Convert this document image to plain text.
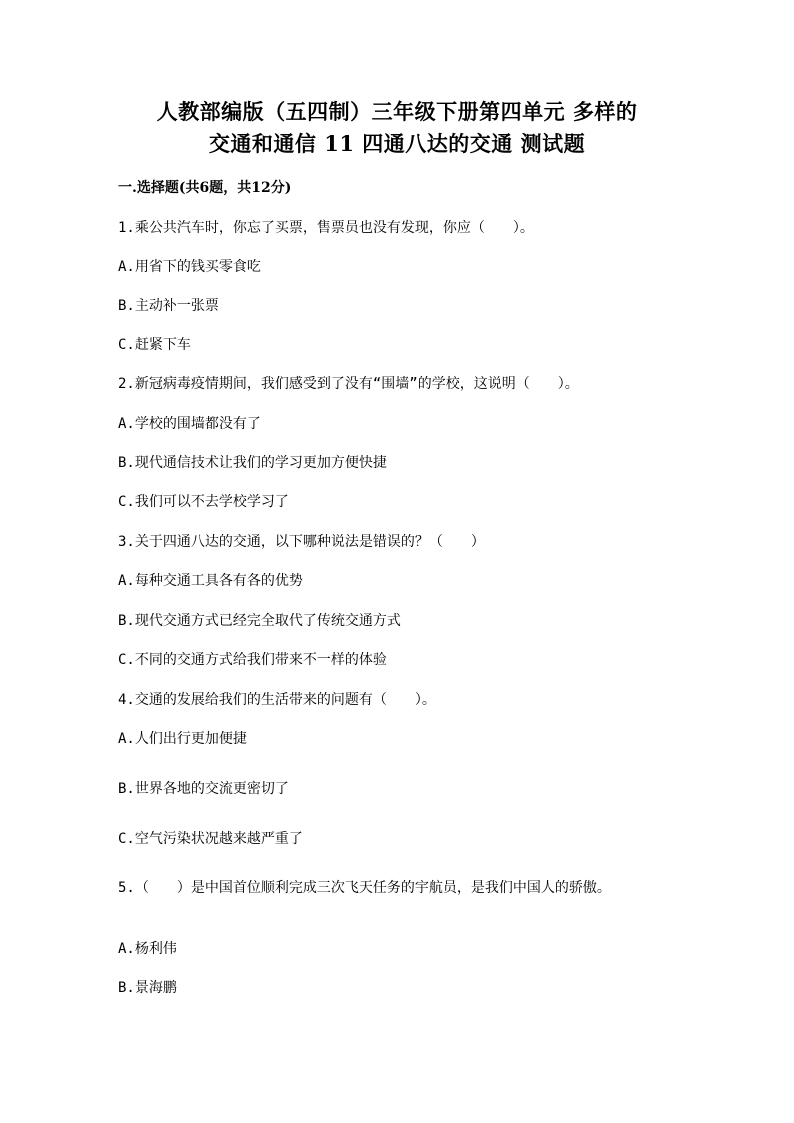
人教部编版（五四制）三年级下册第四单元 多样的
交通和通信 11 四通八达的交通 测试题
一.选择题(共6题，共12分)
1.乘公共汽车时，你忘了买票，售票员也没有发现，你应（　　）。
A.用省下的钱买零食吃
B.主动补一张票
C.赶紧下车
2.新冠病毒疫情期间，我们感受到了没有“围墙”的学校，这说明（　　）。
A.学校的围墙都没有了
B.现代通信技术让我们的学习更加方便快捷
C.我们可以不去学校学习了
3.关于四通八达的交通，以下哪种说法是错误的？（　　）
A.每种交通工具各有各的优势
B.现代交通方式已经完全取代了传统交通方式
C.不同的交通方式给我们带来不一样的体验
4.交通的发展给我们的生活带来的问题有（　　）。
A.人们出行更加便捷
B.世界各地的交流更密切了
C.空气污染状况越来越严重了
5.（　　）是中国首位顺利完成三次飞天任务的宇航员，是我们中国人的骄傲。
A.杨利伟
B.景海鹏
